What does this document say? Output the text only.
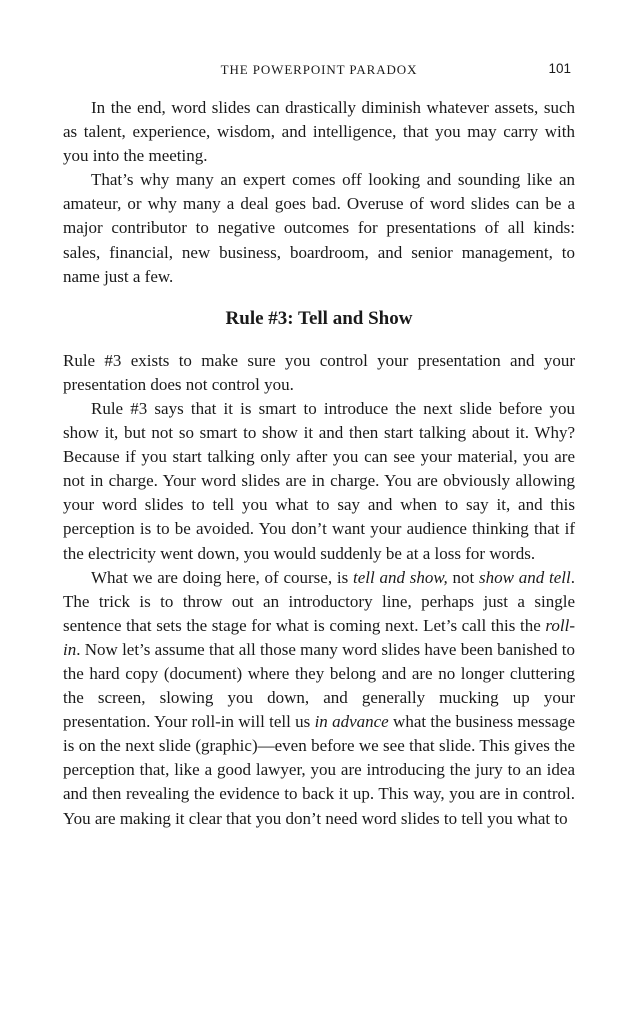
THE POWERPOINT PARADOX	101

In the end, word slides can drastically diminish whatever assets, such as talent, experience, wisdom, and intelligence, that you may carry with you into the meeting.

That’s why many an expert comes off looking and sounding like an amateur, or why many a deal goes bad. Overuse of word slides can be a major contributor to negative outcomes for presentations of all kinds: sales, financial, new business, boardroom, and senior management, to name just a few.

Rule #3: Tell and Show

Rule #3 exists to make sure you control your presentation and your presentation does not control you.

Rule #3 says that it is smart to introduce the next slide before you show it, but not so smart to show it and then start talking about it. Why? Because if you start talking only after you can see your material, you are not in charge. Your word slides are in charge. You are obviously allowing your word slides to tell you what to say and when to say it, and this perception is to be avoided. You don’t want your audience thinking that if the electricity went down, you would suddenly be at a loss for words.

What we are doing here, of course, is tell and show, not show and tell. The trick is to throw out an introductory line, perhaps just a single sentence that sets the stage for what is coming next. Let’s call this the roll-in. Now let’s assume that all those many word slides have been banished to the hard copy (document) where they belong and are no longer cluttering the screen, slowing you down, and generally mucking up your presentation. Your roll-in will tell us in advance what the business message is on the next slide (graphic)—even before we see that slide. This gives the perception that, like a good lawyer, you are introducing the jury to an idea and then revealing the evidence to back it up. This way, you are in control. You are making it clear that you don’t need word slides to tell you what to
